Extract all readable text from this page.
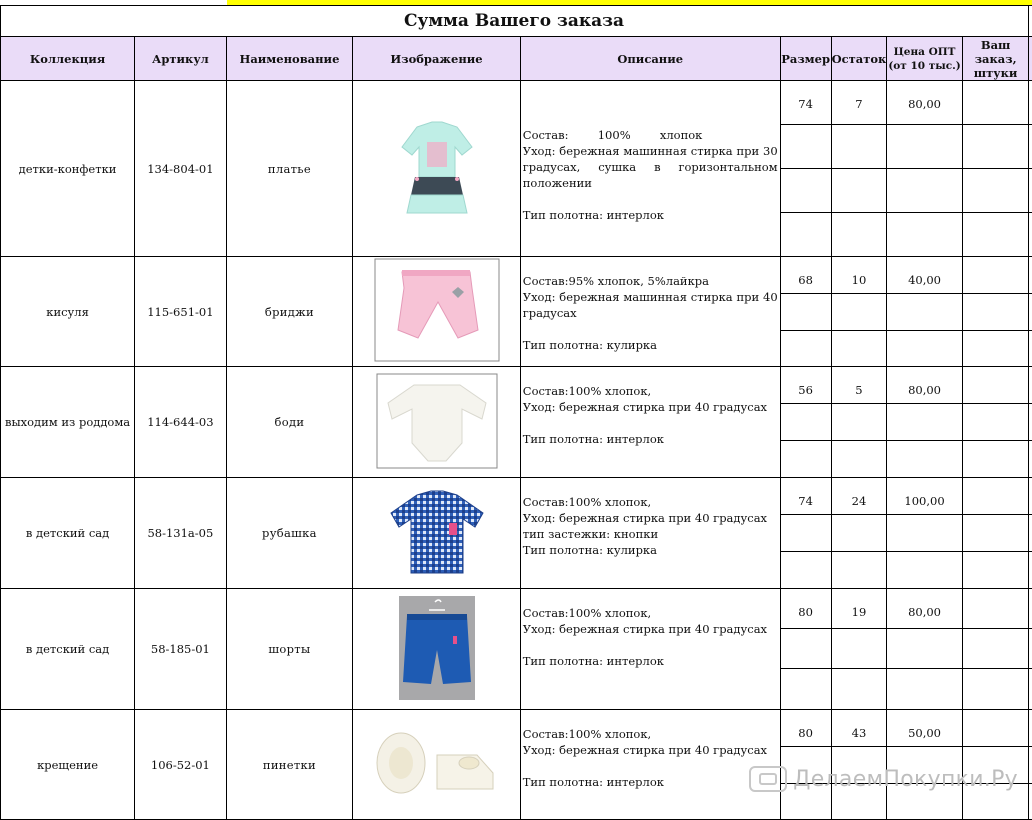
Сумма Вашего заказа
Коллекция	Артикул	Наименование	Изображение	Описание	Размер	Остаток	Цена ОПТ (от 10 тыс.)	Ваш заказ, штуки	
детки-конфетки	134-804-01	платье		Состав:        100%        хлопок
Уход: бережная машинная стирка при 30 градусах, сушка в горизонтальном положении
Тип полотна: интерлок	74	7	80,00		

кисуля	115-651-01	бриджи		Состав:95% хлопок, 5%лайкра
Уход: бережная машинная стирка при 40 градусах
Тип полотна: кулирка	68	10	40,00		

выходим из роддома	114-644-03	боди		Состав:100% хлопок,
Уход: бережная стирка при 40 градусах
Тип полотна: интерлок	56	5	80,00		

в детский сад	58-131а-05	рубашка		Состав:100% хлопок,
Уход: бережная стирка при 40 градусах
тип застежки: кнопки
Тип полотна: кулирка	74	24	100,00		

в детский сад	58-185-01	шорты		Состав:100% хлопок,
Уход: бережная стирка при 40 градусах
Тип полотна: интерлок	80	19	80,00		

крещение	106-52-01	пинетки		Состав:100% хлопок,
Уход: бережная стирка при 40 градусах
Тип полотна: интерлок	80	43	50,00		

ДелаемПокупки.Ру
